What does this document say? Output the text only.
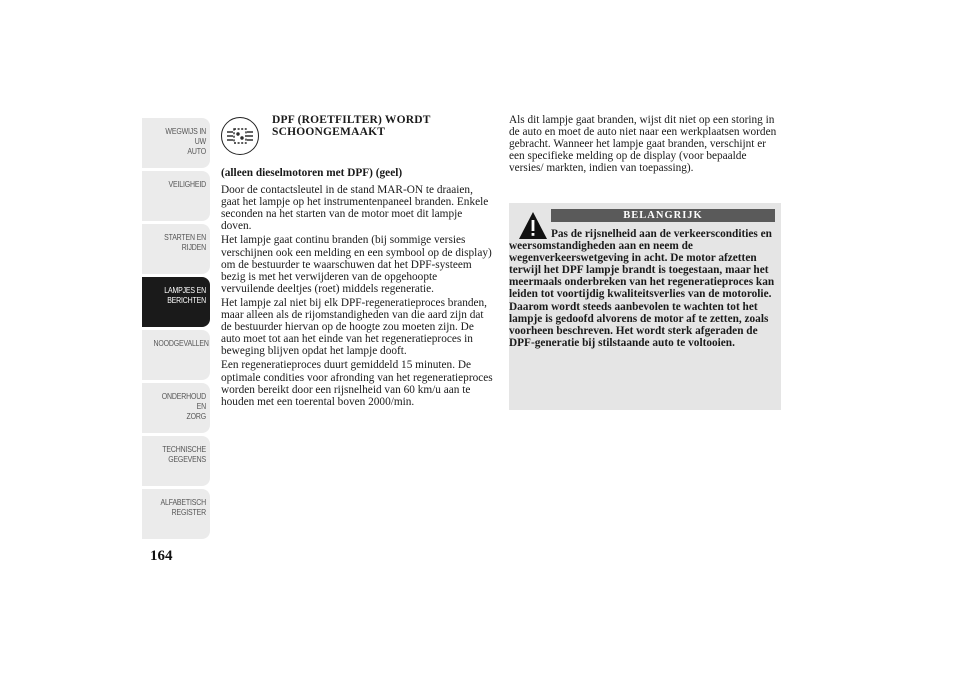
WEGWIJS IN UW
AUTO
VEILIGHEID
STARTEN EN
RIJDEN
LAMPJES EN
BERICHTEN
NOODGEVALLEN
ONDERHOUD EN
ZORG
TECHNISCHE
GEGEVENS
ALFABETISCH
REGISTER
164
DPF (ROETFILTER) WORDT
SCHOONGEMAAKT

(alleen dieselmotoren met DPF) (geel)

Door de contactsleutel in de stand MAR-ON te draaien, gaat het lampje op het instrumentenpaneel branden. Enkele seconden na het starten van de motor moet dit lampje doven.

Het lampje gaat continu branden (bij sommige versies verschijnen ook een melding en een symbool op de display) om de bestuurder te waarschuwen dat het DPF-systeem bezig is met het verwijderen van de opgehoopte vervuilende deeltjes (roet) middels regeneratie.

Het lampje zal niet bij elk DPF-regeneratieproces branden, maar alleen als de rijomstandigheden van die aard zijn dat de bestuurder hiervan op de hoogte zou moeten zijn. De auto moet tot aan het einde van het regeneratieproces in beweging blijven opdat het lampje dooft.

Een regeneratieproces duurt gemiddeld 15 minuten. De optimale condities voor afronding van het regeneratieproces worden bereikt door een rijsnelheid van 60 km/u aan te houden met een toerental boven 2000/min.

Als dit lampje gaat branden, wijst dit niet op een storing in de auto en moet de auto niet naar een werkplaatsen worden gebracht. Wanneer het lampje gaat branden, verschijnt er een specifieke melding op de display (voor bepaalde versies/ markten, indien van toepassing).

BELANGRIJK
Pas de rijsnelheid aan de verkeerscondities en
weersomstandigheden aan en neem de wegenverkeerswetgeving in acht. De motor afzetten terwijl het DPF lampje brandt is toegestaan, maar het meermaals onderbreken van het regeneratieproces kan leiden tot voortijdig kwaliteitsverlies van de motorolie. Daarom wordt steeds aanbevolen te wachten tot het lampje is gedoofd alvorens de motor af te zetten, zoals voorheen beschreven. Het wordt sterk afgeraden de DPF-generatie bij stilstaande auto te voltooien.
